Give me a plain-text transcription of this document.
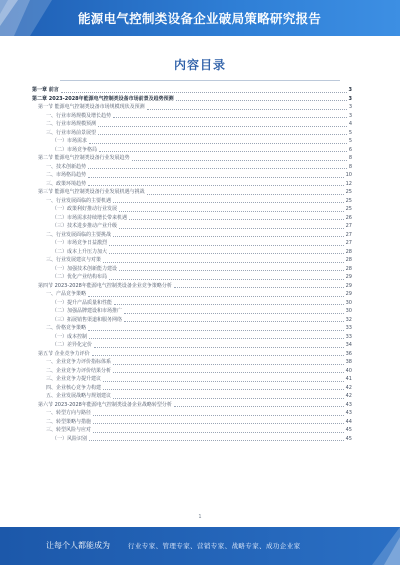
能源电气控制类设备企业破局策略研究报告
内容目录
第一章 前言	3
第二章 2023-2028年能源电气控制类设备市场前景及趋势预测	3
第一节 能源电气控制类设备市场规模现状及预测	3
一、行业市场规模及增长趋势	3
二、行业市场规模预测	4
三、行业市场前景展望	5
（一）市场需求	5
（二）市场竞争格局	6
第二节 能源电气控制类设备行业发展趋势	8
一、技术创新趋势	8
二、市场格局趋势	10
三、政策环境趋势	12
第三节 能源电气控制类设备行业发展机遇与挑战	25
一、行业发展面临的主要机遇	25
（一）政策利好推动行业发展	25
（二）市场需求持续增长带来机遇	26
（三）技术进步推动产业升级	27
二、行业发展面临的主要挑战	27
（一）市场竞争日益激烈	27
（二）成本上升压力加大	28
三、行业发展建议与对策	28
（一）加强技术创新能力建设	28
（二）优化产业结构布局	29
第四节 2023-2028年能源电气控制类设备企业竞争策略分析	29
一、产品竞争策略	29
（一）提升产品质量和性能	30
（二）加强品牌建设和市场推广	30
（三）拓展销售渠道和服务网络	32
二、价格竞争策略	33
（一）成本控制	33
（二）差异化定价	34
第五节 企业竞争力评价	36
一、企业竞争力评价指标体系	38
二、企业竞争力评价结果分析	40
三、企业竞争力提升建议	41
四、企业核心竞争力构建	42
五、企业发展战略与规划建议	42
第六节 2023-2028年能源电气控制类设备企业战略转型分析	43
一、转型方向与路径	43
二、转型策略与措施	44
三、转型风险与应对	45
（一）风险识别	45
1
让每个人都能成为	行业专家、管理专家、营销专家、战略专家、成功企业家
